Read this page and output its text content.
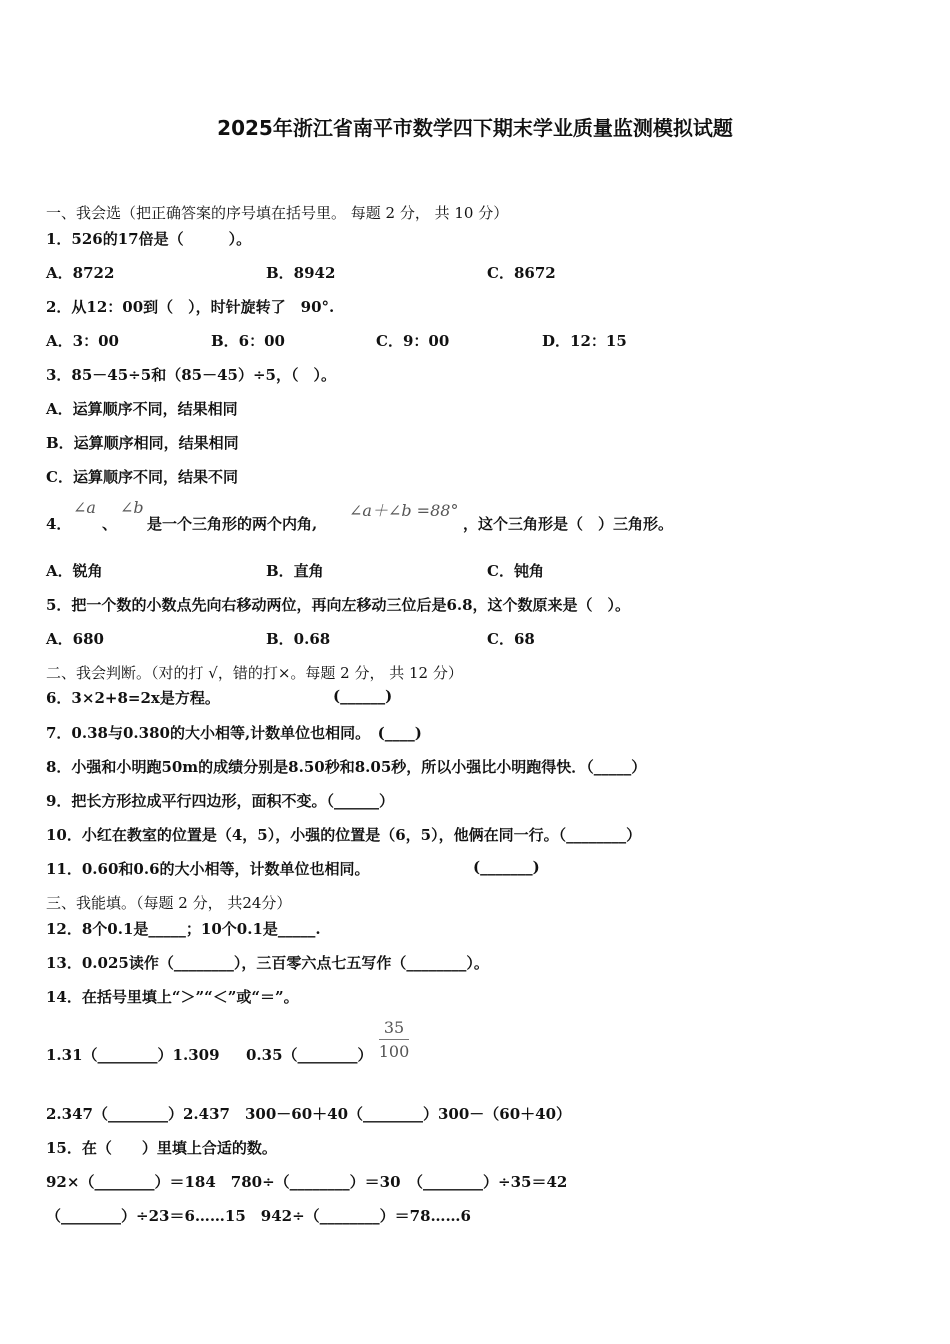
2025年浙江省南平市数学四下期末学业质量监测模拟试题
一、我会选（把正确答案的序号填在括号里。 每题 2 分， 共 10 分）
1．526的17倍是（　　　）。
A．8722	B．8942	C．8672
2．从12：00到（　），时针旋转了　90°.
A．3：00	B．6：00	C．9：00	D．12：15
3．85－45÷5和（85－45）÷5，（　）。
A．运算顺序不同，结果相同
B．运算顺序相同，结果相同
C．运算顺序不同，结果不同
4．
∠a
、
∠b
是一个三角形的两个内角,
∠a＋∠b =88°
，这个三角形是（　）三角形。
A．锐角	B．直角	C．钝角
5．把一个数的小数点先向右移动两位，再向左移动三位后是6.8，这个数原来是（　）。
A．680	B．0.68	C．68
二、我会判断。（对的打 √，错的打×。每题 2 分， 共 12 分）
6．3×2+8=2x是方程。	(______)
7．0.38与0.380的大小相等,计数单位也相同。　(____)
8．小强和小明跑50m的成绩分别是8.50秒和8.05秒，所以小强比小明跑得快．（_____）
9．把长方形拉成平行四边形，面积不变。（______）
10．小红在教室的位置是（4，5），小强的位置是（6，5），他俩在同一行。（________）
11．0.60和0.6的大小相等，计数单位也相同。	(_______)
三、我能填。（每题 2 分， 共24分）
12．8个0.1是_____；10个0.1是_____.
13．0.025读作（________），三百零六点七五写作（________）。
14．在括号里填上“＞”“＜”或“＝”。
1.31（________）1.309 0.35（________）
35
100
2.347（________）2.437　300－60＋40（________）300－（60＋40）
15．在（　　）里填上合适的数。
92×（________）＝184　780÷（________）＝30　（________）÷35＝42
（________）÷23＝6……15　942÷（________）＝78……6
